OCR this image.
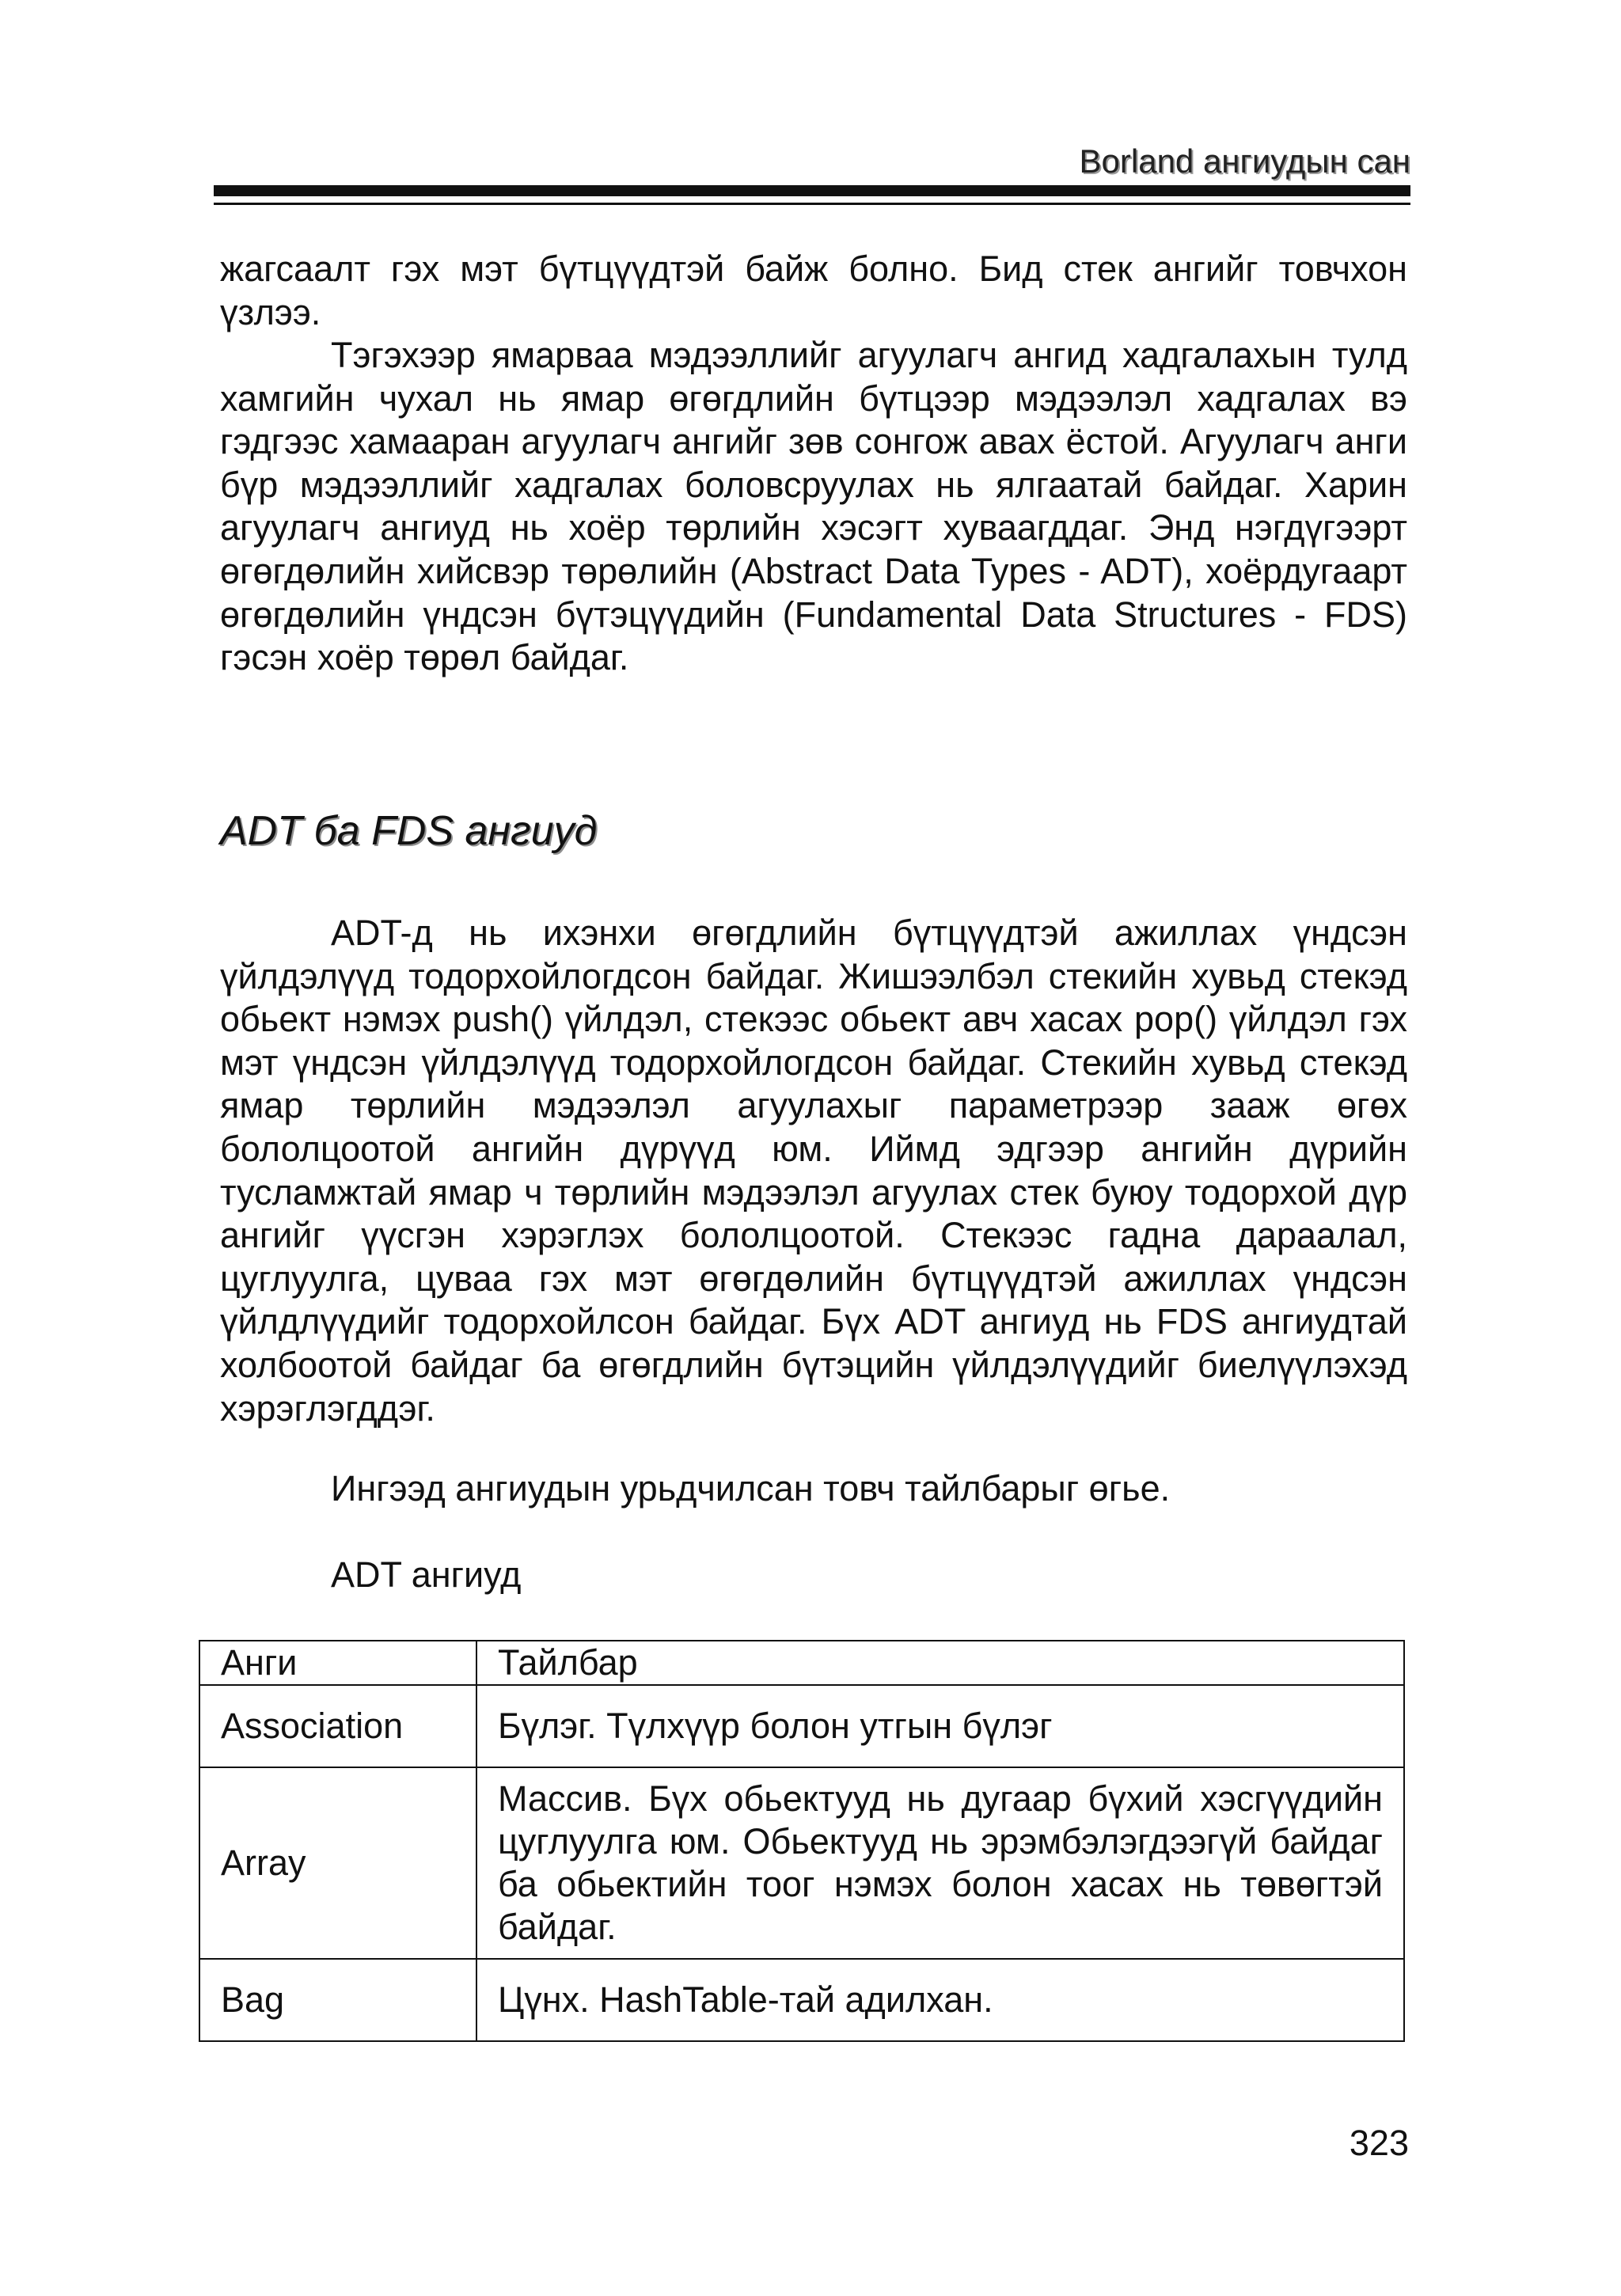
Borland ангиудын сан

жагсаалт гэх мэт бүтцүүдтэй байж болно. Бид стек ангийг товчхон үзлээ.

Тэгэхээр ямарваа мэдээллийг агуулагч ангид хадгалахын тулд хамгийн чухал нь ямар өгөгдлийн бүтцээр мэдээлэл хадгалах вэ гэдгээс хамааран агуулагч ангийг зөв сонгож авах ёстой. Агуулагч анги бүр мэдээллийг хадгалах боловсруулах нь ялгаатай байдаг. Харин агуулагч ангиуд нь хоёр төрлийн хэсэгт хуваагддаг. Энд нэгдүгээрт өгөгдөлийн хийсвэр төрөлийн (Abstract Data Types - ADT), хоёрдугаарт өгөгдөлийн үндсэн бүтэцүүдийн (Fundamental Data Structures - FDS) гэсэн хоёр төрөл байдаг.

ADT ба FDS ангиуд

ADT-д нь ихэнхи өгөгдлийн бүтцүүдтэй ажиллах үндсэн үйлдэлүүд тодорхойлогдсон байдаг. Жишээлбэл стекийн хувьд стекэд обьект нэмэх push() үйлдэл, стекээс обьект авч хасах pop() үйлдэл гэх мэт үндсэн үйлдэлүүд тодорхойлогдсон байдаг. Стекийн хувьд стекэд ямар төрлийн мэдээлэл агуулахыг параметрээр зааж өгөх бололцоотой ангийн дүрүүд юм. Иймд эдгээр ангийн дүрийн тусламжтай ямар ч төрлийн мэдээлэл агуулах стек буюу тодорхой дүр ангийг үүсгэн хэрэглэх бололцоотой. Стекээс гадна дараалал, цуглуулга, цуваа гэх мэт өгөгдөлийн бүтцүүдтэй ажиллах үндсэн үйлдлүүдийг тодорхойлсон байдаг. Бүх ADT ангиуд нь FDS ангиудтай холбоотой байдаг ба өгөгдлийн бүтэцийн үйлдэлүүдийг биелүүлэхэд хэрэглэгддэг.

Ингээд ангиудын урьдчилсан товч тайлбарыг өгье.

ADT ангиуд
Анги	Тайлбар
Association	Бүлэг. Түлхүүр болон утгын бүлэг
Array	Массив. Бүх обьектууд нь дугаар бүхий хэсгүүдийн цуглуулга юм. Обьектууд нь эрэмбэлэгдээгүй байдаг ба обьектийн тоог нэмэх болон хасах нь төвөгтэй байдаг.
Bag	Цүнх. HashTable-тай адилхан.
323
